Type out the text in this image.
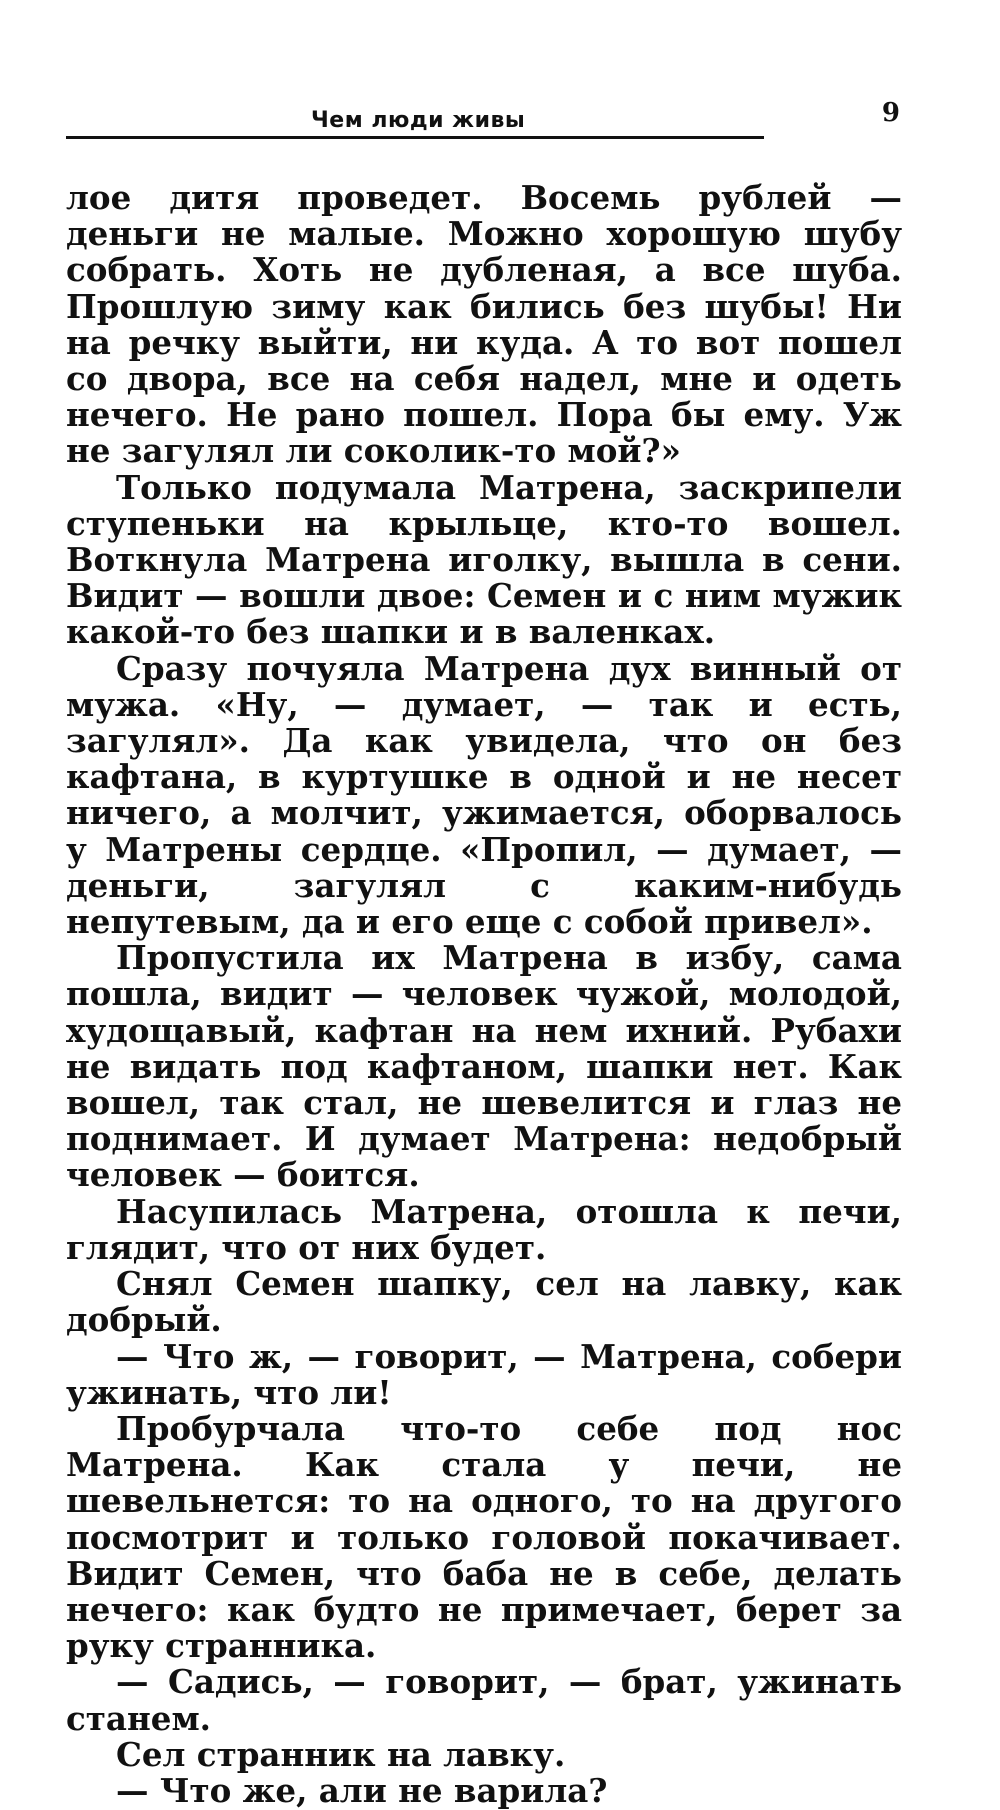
Чем люди живы	9

лое дитя проведет. Восемь рублей — деньги не малые. Можно хорошую шубу собрать. Хоть не дубленая, а все шуба. Прошлую зиму как бились без шубы! Ни на речку выйти, ни куда. А то вот пошел со двора, все на себя надел, мне и одеть нечего. Не рано пошел. Пора бы ему. Уж не загулял ли соколик-то мой?»

Только подумала Матрена, заскрипели ступеньки на крыльце, кто-то вошел. Воткнула Матрена иголку, вышла в сени. Видит — вошли двое: Семен и с ним мужик какой-то без шапки и в валенках.

Сразу почуяла Матрена дух винный от мужа. «Ну, — думает, — так и есть, загулял». Да как увидела, что он без кафтана, в куртушке в одной и не несет ничего, а молчит, ужимается, оборвалось у Матрены сердце. «Пропил, — думает, — деньги, загулял с каким-нибудь непутевым, да и его еще с собой привел».

Пропустила их Матрена в избу, сама пошла, видит — человек чужой, молодой, худощавый, кафтан на нем ихний. Рубахи не видать под кафтаном, шапки нет. Как вошел, так стал, не шевелится и глаз не поднимает. И думает Матрена: недобрый человек — боится.

Насупилась Матрена, отошла к печи, глядит, что от них будет.

Снял Семен шапку, сел на лавку, как добрый.

— Что ж, — говорит, — Матрена, собери ужинать, что ли!

Пробурчала что-то себе под нос Матрена. Как стала у печи, не шевельнется: то на одного, то на другого посмотрит и только головой покачивает. Видит Семен, что баба не в себе, делать нечего: как будто не примечает, берет за руку странника.

— Садись, — говорит, — брат, ужинать станем.

Сел странник на лавку.

— Что же, али не варила?
